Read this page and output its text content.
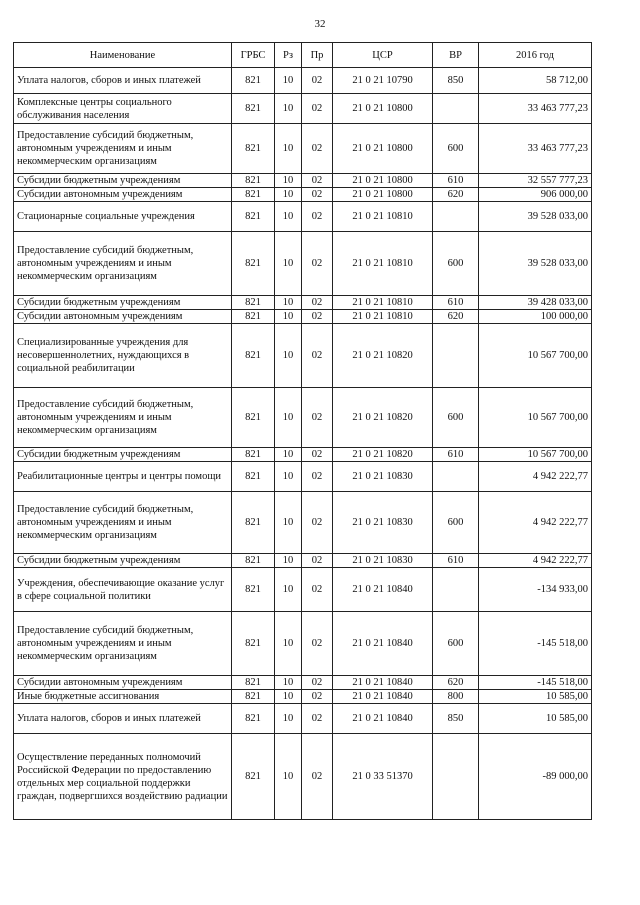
32
Наименование	ГРБС	Рз	Пр	ЦСР	ВР	2016 год
Уплата налогов, сборов и иных платежей	821	10	02	21 0 21 10790	850	58 712,00
Комплексные центры социального обслуживания населения	821	10	02	21 0 21 10800		33 463 777,23
Предоставление субсидий бюджетным, автономным учреждениям и иным некоммерческим организациям	821	10	02	21 0 21 10800	600	33 463 777,23
Субсидии бюджетным учреждениям	821	10	02	21 0 21 10800	610	32 557 777,23
Субсидии автономным учреждениям	821	10	02	21 0 21 10800	620	906 000,00
Стационарные социальные учреждения	821	10	02	21 0 21 10810		39 528 033,00
Предоставление субсидий бюджетным, автономным учреждениям и иным некоммерческим организациям	821	10	02	21 0 21 10810	600	39 528 033,00
Субсидии бюджетным учреждениям	821	10	02	21 0 21 10810	610	39 428 033,00
Субсидии автономным учреждениям	821	10	02	21 0 21 10810	620	100 000,00
Специализированные учреждения для несовершеннолетних, нуждающихся в социальной реабилитации	821	10	02	21 0 21 10820		10 567 700,00
Предоставление субсидий бюджетным, автономным учреждениям и иным некоммерческим организациям	821	10	02	21 0 21 10820	600	10 567 700,00
Субсидии бюджетным учреждениям	821	10	02	21 0 21 10820	610	10 567 700,00
Реабилитационные центры и центры помощи	821	10	02	21 0 21 10830		4 942 222,77
Предоставление субсидий бюджетным, автономным учреждениям и иным некоммерческим организациям	821	10	02	21 0 21 10830	600	4 942 222,77
Субсидии бюджетным учреждениям	821	10	02	21 0 21 10830	610	4 942 222,77
Учреждения, обеспечивающие оказание услуг в сфере социальной политики	821	10	02	21 0 21 10840		-134 933,00
Предоставление субсидий бюджетным, автономным учреждениям и иным некоммерческим организациям	821	10	02	21 0 21 10840	600	-145 518,00
Субсидии автономным учреждениям	821	10	02	21 0 21 10840	620	-145 518,00
Иные бюджетные ассигнования	821	10	02	21 0 21 10840	800	10 585,00
Уплата налогов, сборов и иных платежей	821	10	02	21 0 21 10840	850	10 585,00
Осуществление переданных полномочий Российской Федерации по предоставлению отдельных мер социальной поддержки граждан, подвергшихся воздействию радиации	821	10	02	21 0 33 51370		-89 000,00
